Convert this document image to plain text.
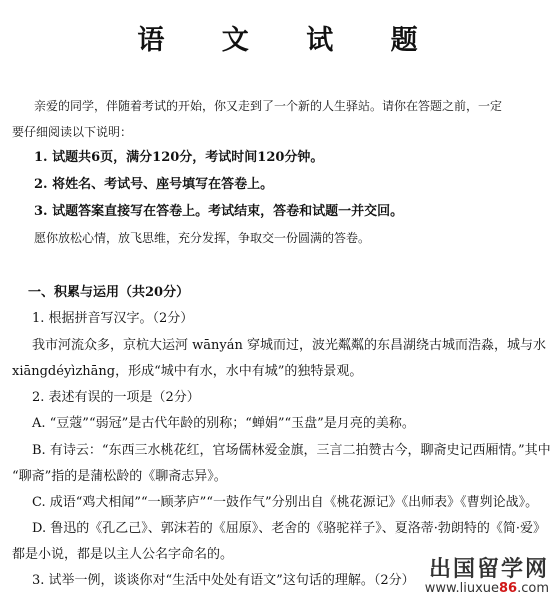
语 文 试 题
亲爱的同学，伴随着考试的开始，你又走到了一个新的人生驿站。请你在答题之前，一定
要仔细阅读以下说明：
1. 试题共6页，满分120分，考试时间120分钟。
2. 将姓名、考试号、座号填写在答卷上。
3. 试题答案直接写在答卷上。考试结束，答卷和试题一并交回。
愿你放松心情，放飞思维，充分发挥，争取交一份圆满的答卷。
一、积累与运用（共20分）
1. 根据拼音写汉字。（2分）
我市河流众多，京杭大运河 wānyán 穿城而过，波光粼粼的东昌湖绕古城而浩淼，城与水
xiāngdéyìzhāng，形成“城中有水，水中有城”的独特景观。
2. 表述有误的一项是（2分）
A. “豆蔻”“弱冠”是古代年龄的别称；“蝉娟”“玉盘”是月亮的美称。
B. 有诗云：“东西三水桃花红，官场儒林爱金旗，三言二拍赞古今，聊斋史记西厢情。”其中
“聊斋”指的是蒲松龄的《聊斋志异》。
C. 成语“鸡犬相闻”“一顾茅庐”“一鼓作气”分别出自《桃花源记》《出师表》《曹刿论战》。
D. 鲁迅的《孔乙己》、郭沫若的《屈原》、老舍的《骆驼祥子》、夏洛蒂·勃朗特的《简·爱》
都是小说，都是以主人公名字命名的。
3. 试举一例，谈谈你对“生活中处处有语文”这句话的理解。（2分） 出国留学网
www.liuxue86.com
